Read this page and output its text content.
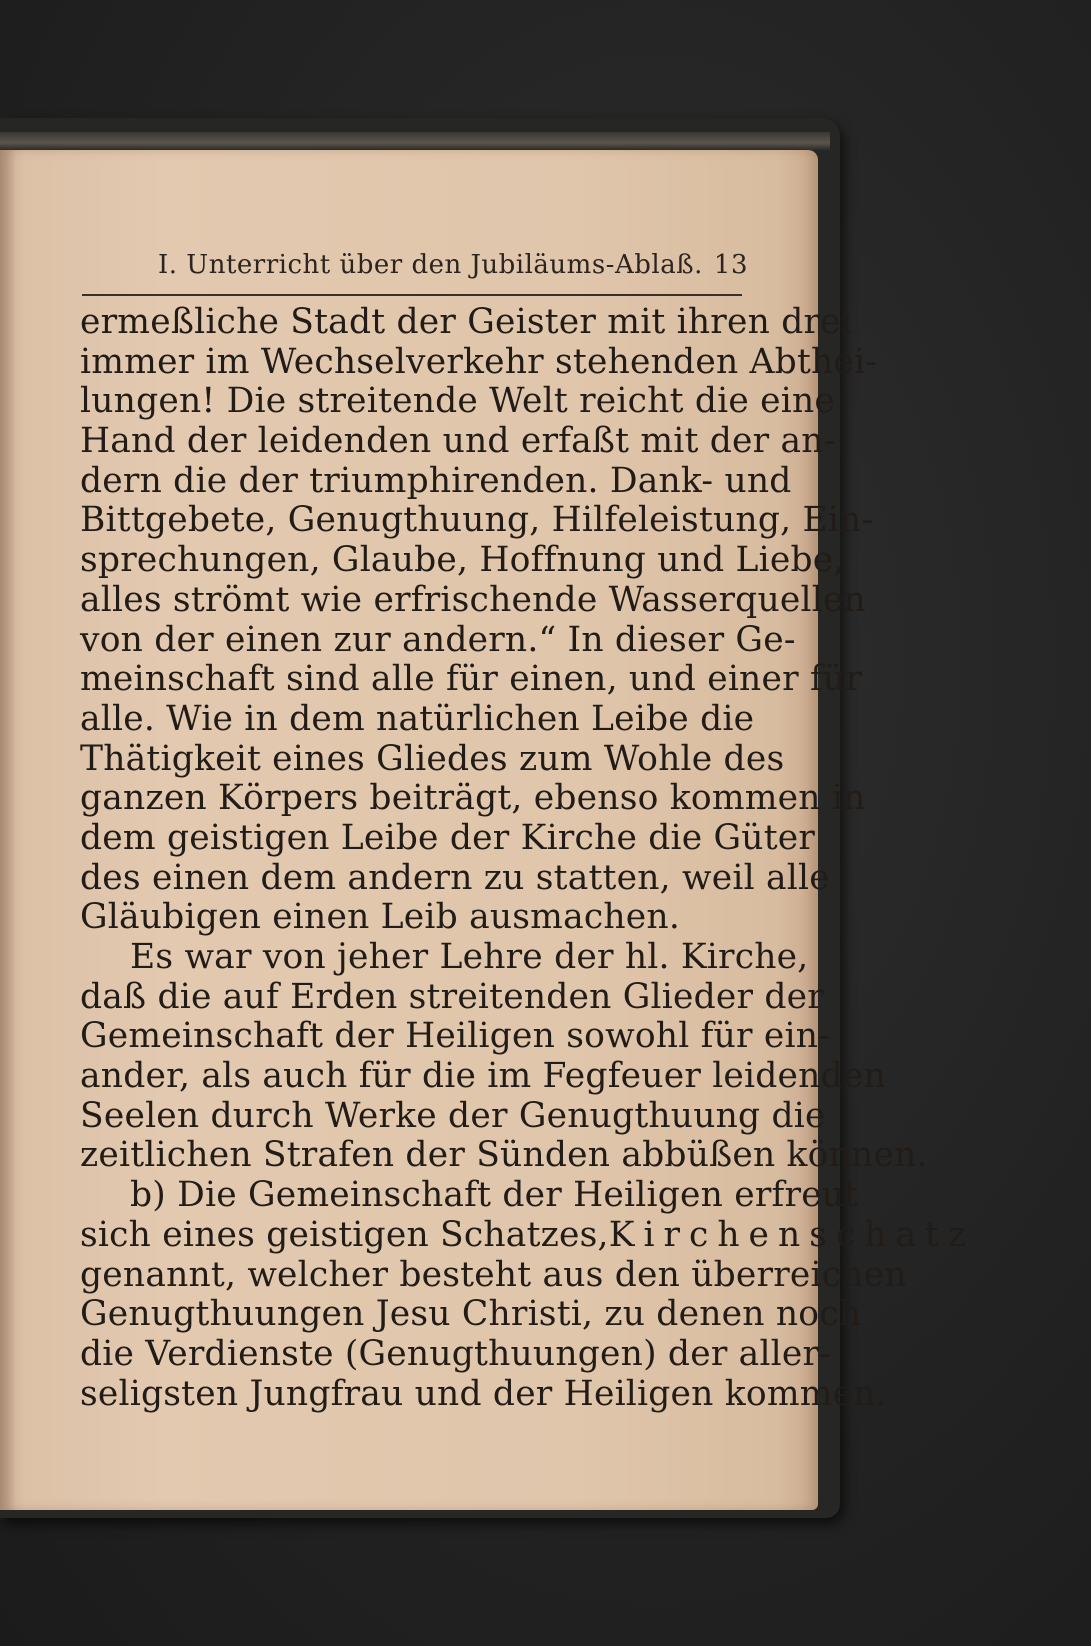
I. Unterricht über den Jubiläums-Ablaß. 13
ermeßliche Stadt der Geister mit ihren drei
immer im Wechselverkehr stehenden Abthei-
lungen! Die streitende Welt reicht die eine
Hand der leidenden und erfaßt mit der an-
dern die der triumphirenden. Dank- und
Bittgebete, Genugthuung, Hilfeleistung, Ein-
sprechungen, Glaube, Hoffnung und Liebe,
alles strömt wie erfrischende Wasserquellen
von der einen zur andern.“ In dieser Ge-
meinschaft sind alle für einen, und einer für
alle. Wie in dem natürlichen Leibe die
Thätigkeit eines Gliedes zum Wohle des
ganzen Körpers beiträgt, ebenso kommen in
dem geistigen Leibe der Kirche die Güter
des einen dem andern zu statten, weil alle
Gläubigen einen Leib ausmachen.
Es war von jeher Lehre der hl. Kirche,
daß die auf Erden streitenden Glieder der
Gemeinschaft der Heiligen sowohl für ein-
ander, als auch für die im Fegfeuer leidenden
Seelen durch Werke der Genugthuung die
zeitlichen Strafen der Sünden abbüßen können.
b) Die Gemeinschaft der Heiligen erfreut
sich eines geistigen Schatzes, Kirchenschatz
genannt, welcher besteht aus den überreichen
Genugthuungen Jesu Christi, zu denen noch
die Verdienste (Genugthuungen) der aller-
seligsten Jungfrau und der Heiligen kommen.
